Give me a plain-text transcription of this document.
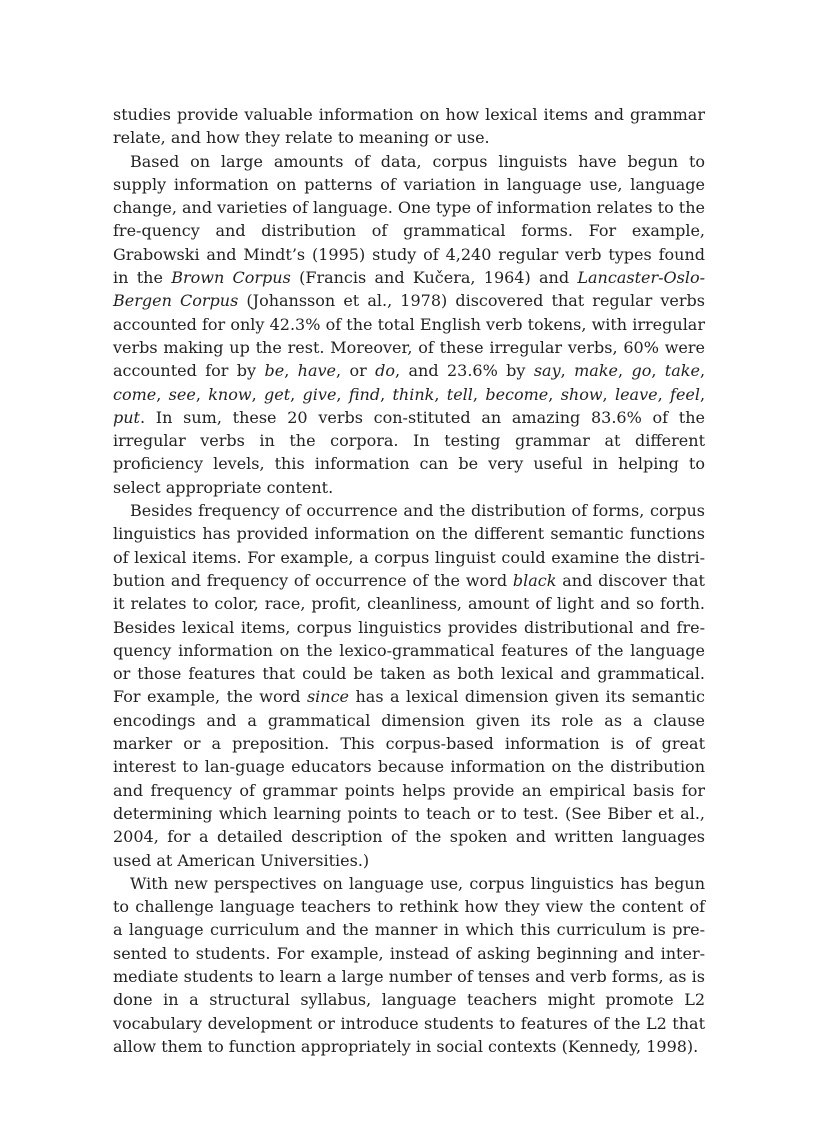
studies provide valuable information on how lexical items and grammar relate, and how they relate to meaning or use.

Based on large amounts of data, corpus linguists have begun to supply information on patterns of variation in language use, language change, and varieties of language. One type of information relates to the fre-quency and distribution of grammatical forms. For example, Grabowski and Mindt’s (1995) study of 4,240 regular verb types found in the Brown Corpus (Francis and Kučera, 1964) and Lancaster-Oslo-Bergen Corpus (Johansson et al., 1978) discovered that regular verbs accounted for only 42.3% of the total English verb tokens, with irregular verbs making up the rest. Moreover, of these irregular verbs, 60% were accounted for by be, have, or do, and 23.6% by say, make, go, take, come, see, know, get, give, find, think, tell, become, show, leave, feel, put. In sum, these 20 verbs con-stituted an amazing 83.6% of the irregular verbs in the corpora. In testing grammar at different proficiency levels, this information can be very useful in helping to select appropriate content.

Besides frequency of occurrence and the distribution of forms, corpus linguistics has provided information on the different semantic functions of lexical items. For example, a corpus linguist could examine the distri-bution and frequency of occurrence of the word black and discover that it relates to color, race, profit, cleanliness, amount of light and so forth. Besides lexical items, corpus linguistics provides distributional and fre-quency information on the lexico-grammatical features of the language or those features that could be taken as both lexical and grammatical. For example, the word since has a lexical dimension given its semantic encodings and a grammatical dimension given its role as a clause marker or a preposition. This corpus-based information is of great interest to lan-guage educators because information on the distribution and frequency of grammar points helps provide an empirical basis for determining which learning points to teach or to test. (See Biber et al., 2004, for a detailed description of the spoken and written languages used at American Universities.)

With new perspectives on language use, corpus linguistics has begun to challenge language teachers to rethink how they view the content of a language curriculum and the manner in which this curriculum is pre-sented to students. For example, instead of asking beginning and inter-mediate students to learn a large number of tenses and verb forms, as is done in a structural syllabus, language teachers might promote L2 vocabulary development or introduce students to features of the L2 that allow them to function appropriately in social contexts (Kennedy, 1998).
